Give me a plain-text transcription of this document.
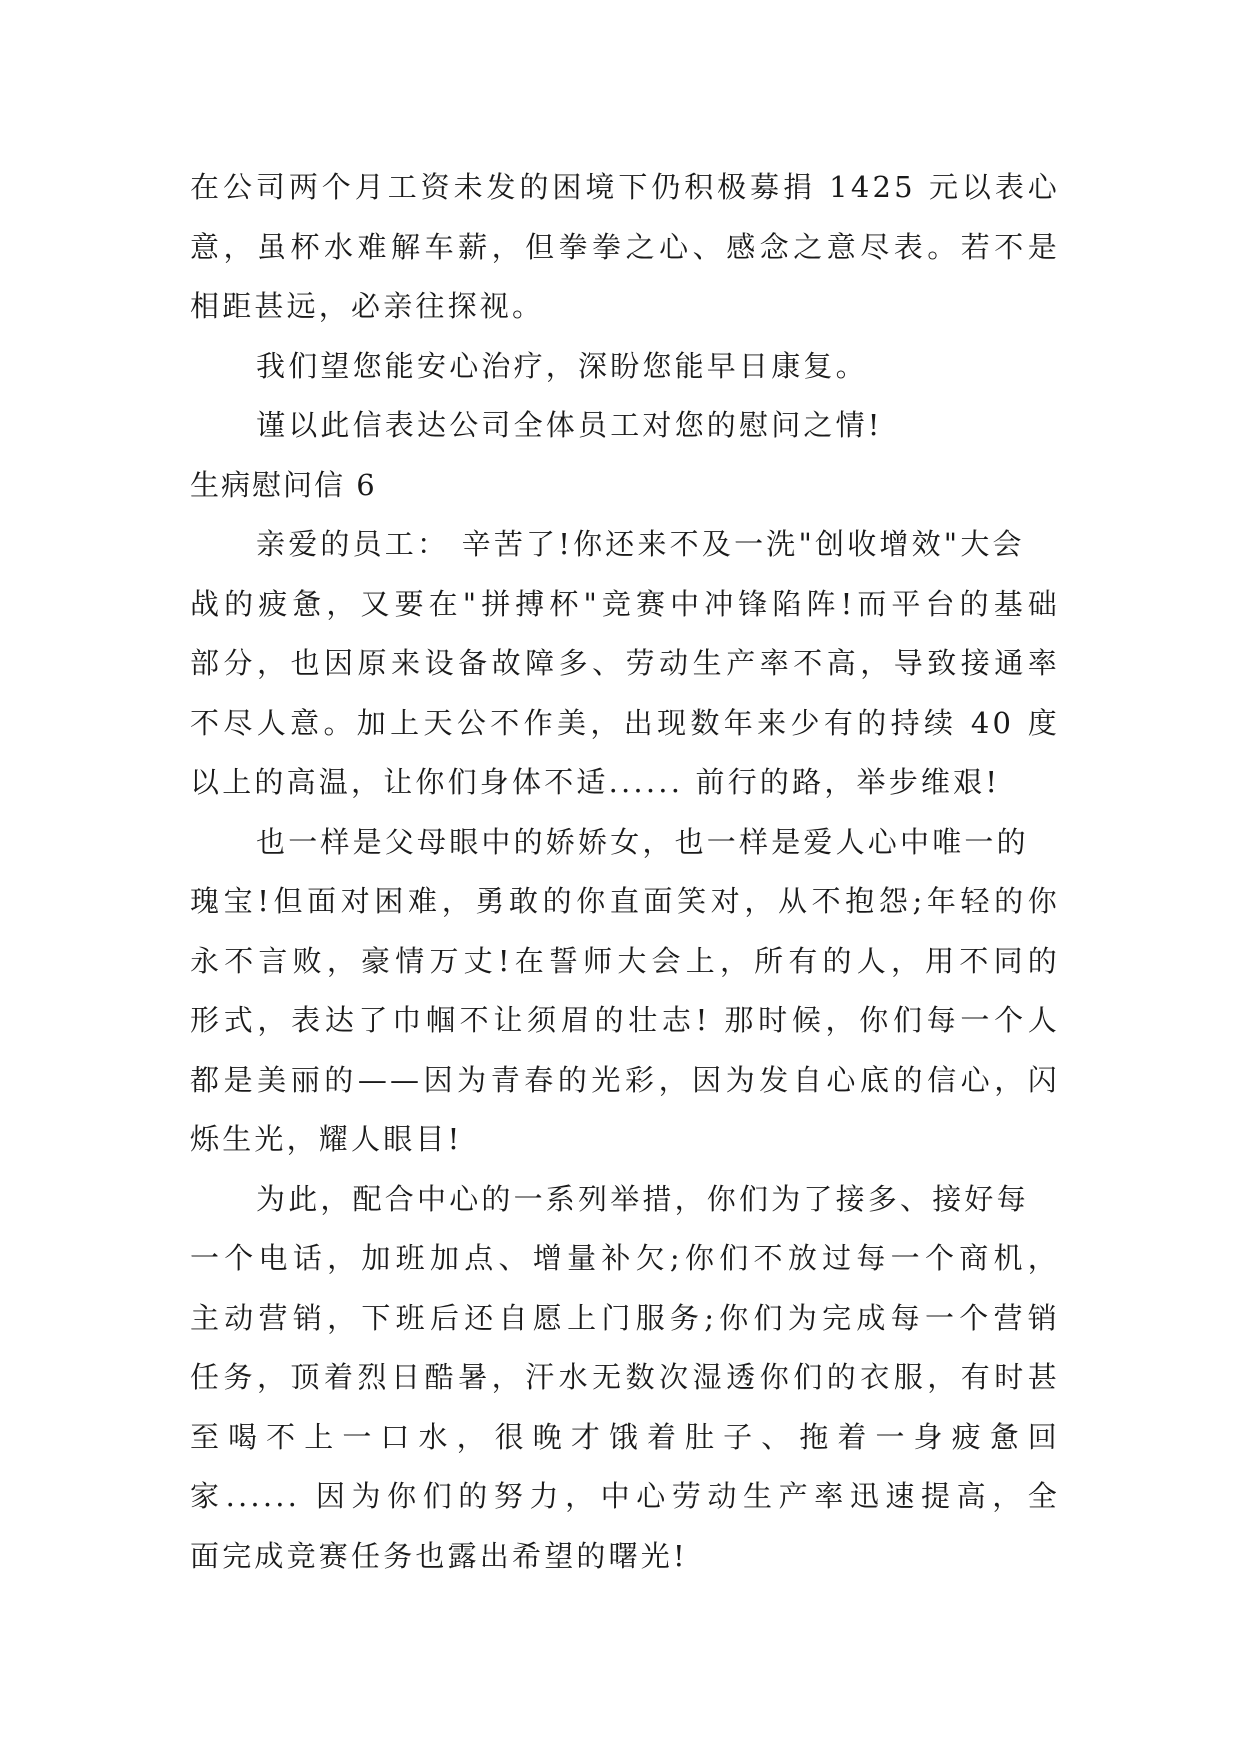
在公司两个月工资未发的困境下仍积极募捐 1425 元以表心
意，虽杯水难解车薪，但拳拳之心、感念之意尽表。若不是
相距甚远，必亲往探视。
我们望您能安心治疗，深盼您能早日康复。
谨以此信表达公司全体员工对您的慰问之情!
生病慰问信 6
亲爱的员工： 辛苦了!你还来不及一洗"创收增效"大会
战的疲惫，又要在"拼搏杯"竞赛中冲锋陷阵!而平台的基础
部分，也因原来设备故障多、劳动生产率不高，导致接通率
不尽人意。加上天公不作美，出现数年来少有的持续 40 度
以上的高温，让你们身体不适...... 前行的路，举步维艰!
也一样是父母眼中的娇娇女，也一样是爱人心中唯一的
瑰宝!但面对困难，勇敢的你直面笑对，从不抱怨;年轻的你
永不言败，豪情万丈!在誓师大会上，所有的人，用不同的
形式，表达了巾帼不让须眉的壮志! 那时候，你们每一个人
都是美丽的——因为青春的光彩，因为发自心底的信心，闪
烁生光，耀人眼目!
为此，配合中心的一系列举措，你们为了接多、接好每
一个电话，加班加点、增量补欠;你们不放过每一个商机，
主动营销，下班后还自愿上门服务;你们为完成每一个营销
任务，顶着烈日酷暑，汗水无数次湿透你们的衣服，有时甚
至喝不上一口水，很晚才饿着肚子、拖着一身疲惫回
家...... 因为你们的努力，中心劳动生产率迅速提高，全
面完成竞赛任务也露出希望的曙光!
